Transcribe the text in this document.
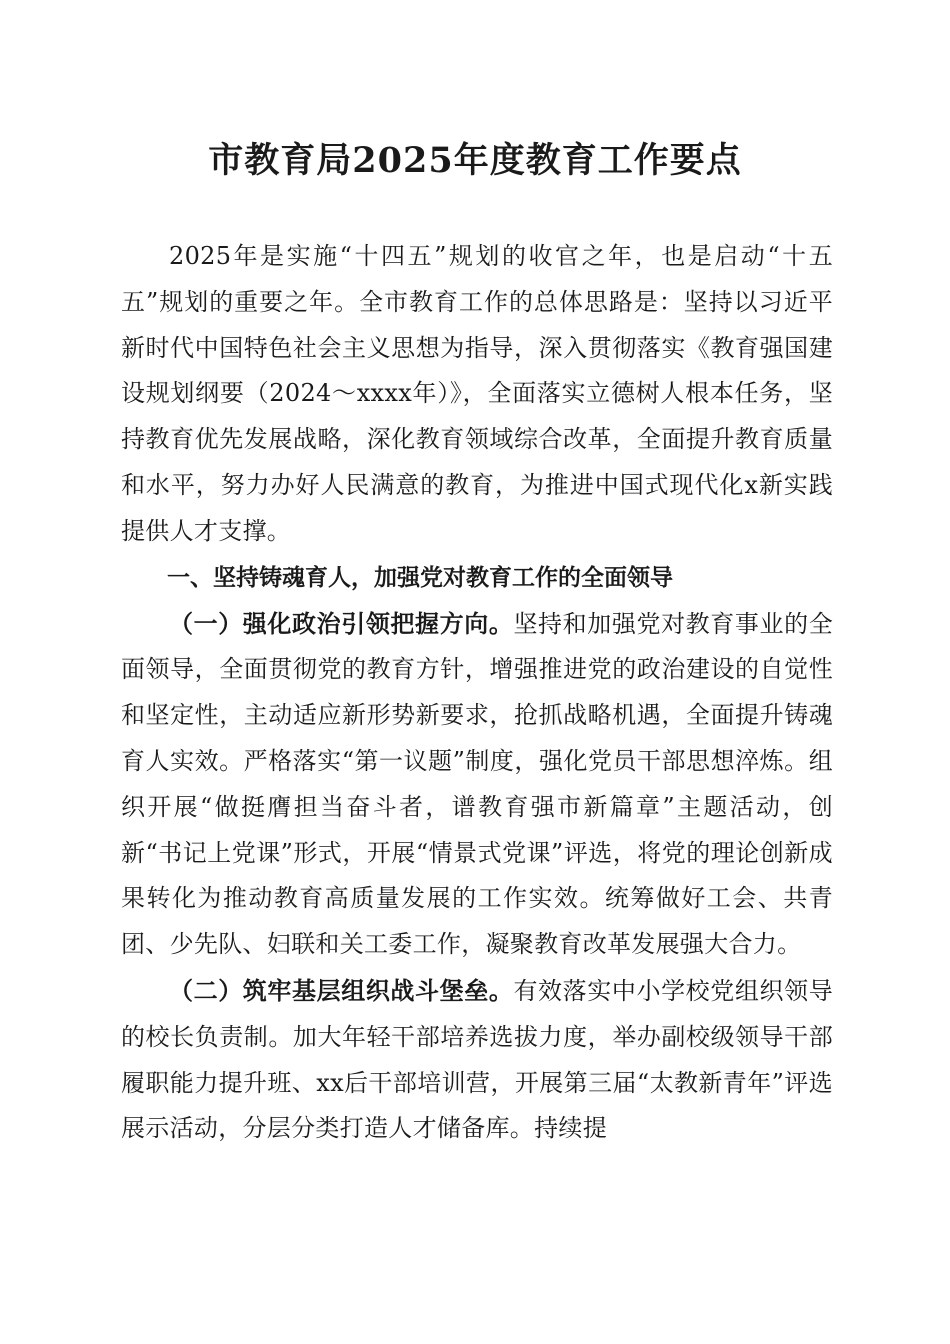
市教育局2025年度教育工作要点

2025年是实施“十四五”规划的收官之年，也是启动“十五五”规划的重要之年。全市教育工作的总体思路是：坚持以习近平新时代中国特色社会主义思想为指导，深入贯彻落实《教育强国建设规划纲要（2024～xxxx年）》，全面落实立德树人根本任务，坚持教育优先发展战略，深化教育领域综合改革，全面提升教育质量和水平，努力办好人民满意的教育，为推进中国式现代化x新实践提供人才支撑。

一、坚持铸魂育人，加强党对教育工作的全面领导

（一）强化政治引领把握方向。坚持和加强党对教育事业的全面领导，全面贯彻党的教育方针，增强推进党的政治建设的自觉性和坚定性，主动适应新形势新要求，抢抓战略机遇，全面提升铸魂育人实效。严格落实“第一议题”制度，强化党员干部思想淬炼。组织开展“做挺膺担当奋斗者，谱教育强市新篇章”主题活动，创新“书记上党课”形式，开展“情景式党课”评选，将党的理论创新成果转化为推动教育高质量发展的工作实效。统筹做好工会、共青团、少先队、妇联和关工委工作，凝聚教育改革发展强大合力。

（二）筑牢基层组织战斗堡垒。有效落实中小学校党组织领导的校长负责制。加大年轻干部培养选拔力度，举办副校级领导干部履职能力提升班、xx后干部培训营，开展第三届“太教新青年”评选展示活动，分层分类打造人才储备库。持续提
